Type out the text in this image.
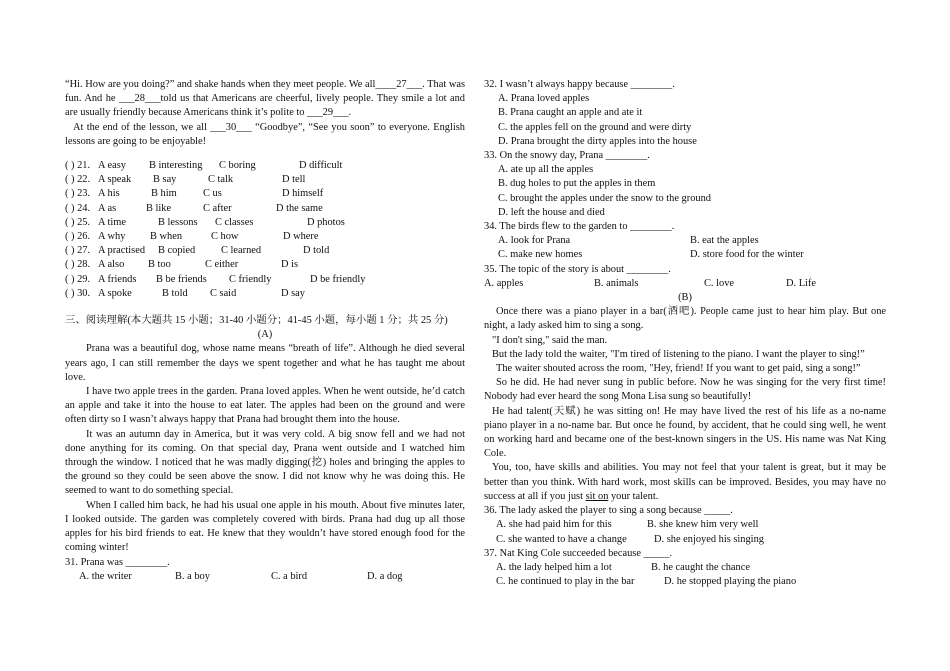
“Hi. How are you doing?” and shake hands when they meet people. We all____27___. That was fun. And he ___28___told us that Americans are cheerful, lively people. They smile a lot and are usually friendly because Americans think it’s polite to ___29___.

At the end of the lesson, we all ___30___ “Goodbye”, “See you soon” to everyone. English lessons are going to be enjoyable!

( ) 21. A easy	B interesting	C boring	D difficult
( ) 22. A speak	B say	C talk	D tell
( ) 23. A his	B him	C us	D himself
( ) 24. A as	B like	C after	D the same
( ) 25. A time	B lessons	C classes	D photos
( ) 26. A why	B when	C how	D where
( ) 27. A practised	B copied	C learned	D told
( ) 28. A also	B too	C either	D is
( ) 29. A friends	B be friends	C friendly	D be friendly
( ) 30. A spoke	B told	C said	D say

三、阅读理解(本大题共 15 小题；31-40 小题分；41-45 小题，每小题 1 分；共 25 分)

(A)

Prana was a beautiful dog, whose name means “breath of life”. Although he died several years ago, I can still remember the days we spent together and what he has taught me about love.

I have two apple trees in the garden. Prana loved apples. When he went outside, he’d catch an apple and take it into the house to eat later. The apples had been on the ground and were often dirty so I wasn’t always happy that Prana had brought them into the house.

It was an autumn day in America, but it was very cold. A big snow fell and we had not done anything for its coming. On that special day, Prana went outside and I watched him through the window. I noticed that he was madly digging(挖) holes and bringing the apples to the ground so they could be seen above the snow. I did not know why he was doing this. He seemed to want to do something special.

When I called him back, he had his usual one apple in his mouth. About five minutes later, I looked outside. The garden was completely covered with birds. Prana had dug up all those apples for his bird friends to eat. He knew that they wouldn’t have stored enough food for the coming winter!

31. Prana was ________.

A. the writer	B. a boy	C. a bird	D. a dog

32. I wasn’t always happy because ________.

A. Prana loved apples
B. Prana caught an apple and ate it
C. the apples fell on the ground and were dirty
D. Prana brought the dirty apples into the house

33. On the snowy day, Prana ________.

A. ate up all the apples
B. dug holes to put the apples in them
C. brought the apples under the snow to the ground
D. left the house and died

34. The birds flew to the garden to ________.

A. look for Prana	B. eat the apples
C. make new homes	D. store food for the winter

35. The topic of the story is about ________.

A. apples	B. animals	C. love	D. Life

(B)

Once there was a piano player in a bar(酒吧). People came just to hear him play. But one night, a lady asked him to sing a song.

"I don't sing," said the man.

But the lady told the waiter, "I'm tired of listening to the piano. I want the player to sing!”

The waiter shouted across the room, "Hey, friend! If you want to get paid, sing a song!”

So he did. He had never sung in public before. Now he was singing for the very first time! Nobody had ever heard the song Mona Lisa sung so beautifully!

He had talent(天赋) he was sitting on! He may have lived the rest of his life as a no-name piano player in a no-name bar. But once he found, by accident, that he could sing well, he went on working hard and became one of the best-known singers in the US. His name was Nat King Cole.

You, too, have skills and abilities. You may not feel that your talent is great, but it may be better than you think. With hard work, most skills can be improved. Besides, you may have no success at all if you just sit on your talent.

36. The lady asked the player to sing a song because _____.

A. she had paid him for this	B. she knew him very well
C. she wanted to have a change	D. she enjoyed his singing

37. Nat King Cole succeeded because _____.

A. the lady helped him a lot	B. he caught the chance
C. he continued to play in the bar	D. he stopped playing the piano
